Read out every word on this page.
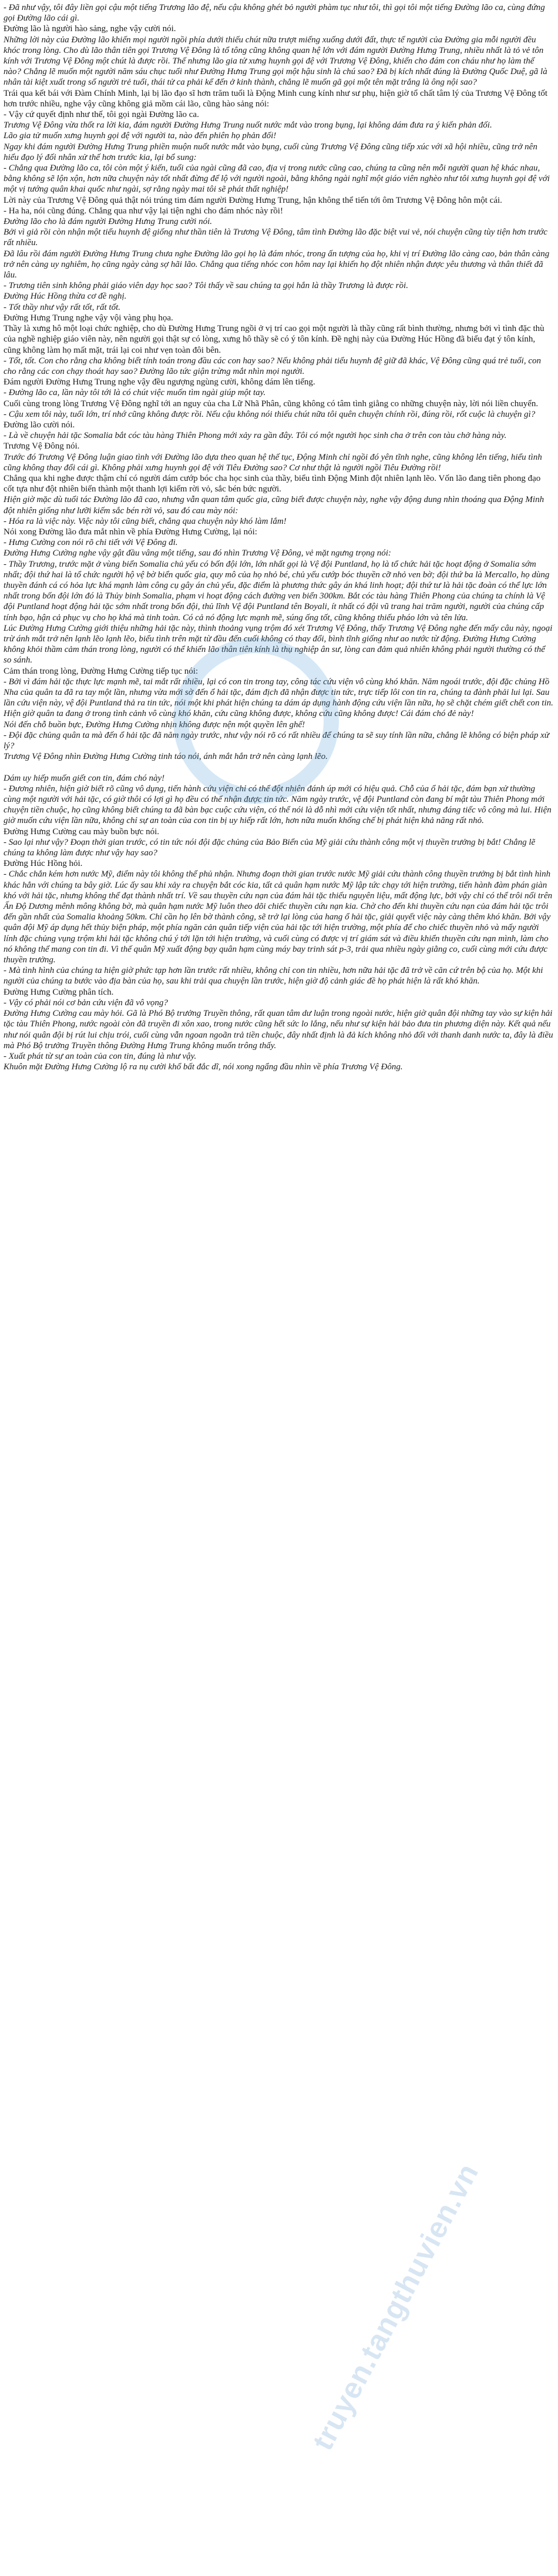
- Đã như vậy, tôi đây liền gọi cậu một tiếng Trương lão đệ, nếu cậu không ghét bỏ người phàm tục như tôi, thì gọi tôi một tiếng Đường lão ca, cùng đứng gọi Đường lão cái gì.

Đường lão là người hào sảng, nghe vậy cười nói.

Những lời này của Đường lão khiến mọi người ngồi phía dưới thiếu chút nữa trượt miếng xuống dưới đất, thực tế người của Đường gia mỗi người đều khóc trong lòng. Cho dù lão thân tiên gọi Trương Vệ Đông là tổ tông cũng không quan hệ lớn với đám người Đường Hưng Trung, nhiều nhất là tỏ vẻ tôn kính với Trương Vệ Đông một chút là được rồi. Thế nhưng lão gia tử xưng huynh gọi đệ với Trương Vệ Đông, khiến cho đám con cháu như họ làm thế nào? Chẳng lẽ muốn một người năm sáu chục tuổi như Đường Hưng Trung gọi một hậu sinh là chú sao? Đã bị kích nhất đúng là Đường Quốc Duệ, gã là nhân tài kiệt xuất trong số người trẻ tuổi, thái tử ca phải kể đến ở kinh thành, chẳng lẽ muốn gã gọi một tên mặt trắng là ông nội sao?

Trái qua kết bái với Đàm Chính Minh, lại bị lão đạo sĩ hơn trăm tuổi là Động Minh cung kính như sư phụ, hiện giờ tổ chất tâm lý của Trương Vệ Đông tốt hơn trước nhiều, nghe vậy cũng không giả mồm cái lão, cũng hào sảng nói:

- Vậy cứ quyết định như thế, tôi gọi ngài Đường lão ca.

Trương Vệ Đông vừa thốt ra lời kia, đám người Đường Hưng Trung nuốt nước mắt vào trong bụng, lại không dám đưa ra ý kiến phản đối.

Lão gia tử muốn xưng huynh gọi đệ với người ta, nào đến phiên họ phản đối!

Ngay khi đám người Đường Hưng Trung phiền muộn nuốt nước mắt vào bụng, cuối cùng Trương Vệ Đông cũng tiếp xúc với xã hội nhiều, cũng trở nên hiểu đạo lý đối nhân xử thế hơn trước kia, lại bổ sung:

- Chẳng qua Đường lão ca, tôi còn một ý kiến, tuổi của ngài cũng đã cao, địa vị trong nước cũng cao, chúng ta cũng nên mỗi người quan hệ khác nhau, bằng không sẽ lộn xộn, hơn nữa chuyện này tốt nhất đừng để lộ với người ngoài, bằng không ngài nghĩ một giáo viên nghèo như tôi xưng huynh gọi đệ với một vị tướng quân khai quốc như ngài, sợ rằng ngày mai tôi sẽ phát thất nghiệp!

Lời này của Trương Vệ Đông quả thật nói trúng tim đám người Đường Hưng Trung, hận không thể tiến tới ôm Trương Vệ Đông hôn một cái.

- Ha ha, nói cũng đúng. Chẳng qua như vậy lại tiện nghi cho đám nhóc này rồi!

Đường lão cho là đám người Đường Hưng Trung cười nói.

Bởi vì giả rồi còn nhận một tiểu huynh đệ giống như thần tiên là Trương Vệ Đông, tâm tình Đường lão đặc biệt vui vẻ, nói chuyện cũng tùy tiện hơn trước rất nhiều.

Đã lâu rồi đám người Đường Hưng Trung chưa nghe Đường lão gọi họ là đám nhóc, trong ấn tượng của họ, khi vị trí Đường lão càng cao, bản thân càng trở nên càng uy nghiêm, họ cũng ngày càng sợ hãi lão. Chẳng qua tiếng nhóc con hôm nay lại khiến họ đột nhiên nhận được yêu thương và thân thiết đã lâu.

- Trương tiên sinh không phải giáo viên dạy học sao? Tôi thấy về sau chúng ta gọi hắn là thầy Trương là được rồi.

Đường Húc Hồng thừa cơ đề nghị.

- Tốt thầy như vậy rất tốt, rất tốt.

Đường Hưng Trung nghe vậy vội vàng phụ họa.

Thầy là xưng hô một loại chức nghiệp, cho dù Đường Hưng Trung ngồi ở vị trí cao gọi một người là thầy cũng rất bình thường, nhưng bởi vì tình đặc thù của nghề nghiệp giáo viên này, nên người gọi thật sự có lòng, xưng hô thầy sẽ có ý tôn kính. Đề nghị này của Đường Húc Hồng đã biểu đạt ý tôn kính, cũng không làm họ mất mặt, trái lại coi như vẹn toàn đôi bên.

- Tốt, tốt. Con cho rằng cha không biết tính toán trong đầu các con hay sao? Nếu không phải tiểu huynh đệ giữ đã khác, Vệ Đông cũng quá trẻ tuổi, con cho rằng các con chạy thoát hay sao? Đường lão tức giận trừng mắt nhìn mọi người.

Đám người Đường Hưng Trung nghe vậy đều ngượng ngùng cười, không dám lên tiếng.

- Đường lão ca, lần này tôi tới là có chút việc muốn tìm ngài giúp một tay.

Cuối cùng trong lòng Trương Vệ Đông nghĩ tới an nguy của cha Lữ Nhã Phân, cũng không có tâm tình giằng co những chuyện này, lời nói liền chuyển.

- Cậu xem tôi này, tuổi lớn, trí nhớ cũng không được rồi. Nếu cậu không nói thiếu chút nữa tôi quên chuyện chính rồi, đúng rồi, rốt cuộc là chuyện gì?

Đường lão cười nói.

- Là về chuyện hải tặc Somalia bắt cóc tàu hàng Thiên Phong mới xảy ra gần đây. Tôi có một người học sinh cha ở trên con tàu chở hàng này.

Trương Vệ Đông nói.

Trước đó Trương Vệ Đông luận giao tình với Đường lão dựa theo quan hệ thế tục, Động Minh chỉ ngồi đó yên tĩnh nghe, cũng không lên tiếng, hiểu tình cũng không thay đổi cái gì. Không phải xưng huynh gọi đệ với Tiêu Đường sao? Cơ như thật là người ngồi Tiêu Đường rồi!

Chẳng qua khi nghe được thậm chí có người dám cướp bóc cha học sinh của thầy, biểu tình Động Minh đột nhiên lạnh lẽo. Vốn lão đang tiên phong đạo cốt tựa như đột nhiên biến thành một thanh lợi kiếm rời vỏ, sắc bén bức người.

Hiện giờ mặc dù tuổi tác Đường lão đã cao, nhưng vẫn quan tâm quốc gia, cũng biết được chuyện này, nghe vậy động dung nhìn thoáng qua Động Minh đột nhiên giống như lưỡi kiếm sắc bén rời vỏ, sau đó cau mày nói:

- Hóa ra là việc này. Việc này tôi cũng biết, chẳng qua chuyện này khó làm lắm!

Nói xong Đường lão đưa mắt nhìn về phía Đường Hưng Cường, lại nói:

- Hưng Cường con nói rõ chi tiết với Vệ Đông đi.

Đường Hưng Cường nghe vậy gật đầu vâng một tiếng, sau đó nhìn Trương Vệ Đông, vẻ mặt ngưng trọng nói:

- Thầy Trương, trước mặt ở vùng biển Somalia chủ yếu có bốn đội lớn, lớn nhất gọi là Vệ đội Puntland, họ là tổ chức hải tặc hoạt động ở Somalia sớm nhất; đội thứ hai là tổ chức người hộ vệ bờ biển quốc gia, quy mô của họ nhỏ bé, chủ yếu cướp bóc thuyền cỡ nhỏ ven bờ; đội thứ ba là Mercallo, họ dùng thuyền đánh cá có hỏa lực khá mạnh làm công cụ gây án chủ yếu, đặc điểm là phương thức gây án khá linh hoạt; đội thứ tư là hải tặc đoàn có thể lực lớn nhất trong bốn đội lớn đó là Thủy binh Somalia, phạm vi hoạt động cách đường ven biển 300km. Bắt cóc tàu hàng Thiên Phong của chúng ta chính là Vệ đội Puntland hoạt động hải tặc sớm nhất trong bốn đội, thủ lĩnh Vệ đội Puntland tên Boyali, ít nhất có đội vũ trang hai trăm người, người của chúng cấp tính bạo, hận cả phục vụ cho họ khá mà tinh toàn. Có cả nó động lực mạnh mẽ, súng ống tốt, cũng không thiếu pháo lớn và tên lửa.

Lúc Đường Hưng Cường giới thiệu những hải tặc này, thình thoảng vụng trộm đó xét Trương Vệ Đông, thấy Trương Vệ Đông nghe đến mấy câu này, ngoại trừ ánh mắt trở nên lạnh lẽo lạnh lẽo, biểu tình trên mặt từ đầu đến cuối không có thay đổi, bình tĩnh giống như ao nước từ động. Đường Hưng Cường không khỏi thầm cảm thán trong lòng, người có thể khiến lão thân tiên kính là thụ nghiệp ân sư, lòng can đảm quả nhiên không phải người thường có thể so sánh.

Cảm thán trong lòng, Đường Hưng Cường tiếp tục nói:

- Bởi vì đám hải tặc thực lực mạnh mẽ, tai mắt rất nhiều, lại có con tin trong tay, công tác cứu viện vô cùng khó khăn. Năm ngoái trước, đội đặc chủng Hồ Nha của quân ta đã ra tay một lần, nhưng vừa mới sờ đến ổ hải tặc, đám địch đã nhận được tin tức, trực tiếp lôi con tin ra, chúng ta đành phải lui lại. Sau lần cứu viện này, vệ đội Puntland thả ra tin tức, nói một khi phát hiện chúng ta dám áp dụng hành động cứu viện lần nữa, họ sẽ chặt chém giết chết con tin. Hiện giờ quân ta đang ở trong tình cảnh vô cùng khó khăn, cứu cũng không được, không cứu cũng không được! Cái đám chó đẻ này!

Nói đến chỗ buồn bực, Đường Hưng Cường nhịn không được nện một quyền lên ghế!

- Đội đặc chủng quân ta mà đến ổ hải tặc đã năm ngày trước, như vậy nói rõ có rất nhiều để chúng ta sẽ suy tính lần nữa, chẳng lẽ không có biện pháp xử lý?

Trương Vệ Đông nhìn Đường Hưng Cường tinh táo nói, ánh mắt hắn trở nên càng lạnh lẽo.

Dám uy hiếp muốn giết con tin, đám chó này!

- Đương nhiên, hiện giờ biết rõ cũng vô dụng, tiến hành cứu viện chỉ có thể đột nhiên đánh úp mới có hiệu quả. Chỗ của ổ hải tặc, đám bạn xử thường cùng một người với hải tặc, có giờ thôi có lợi gì họ đều có thể nhận được tin tức. Năm ngày trước, vệ đội Puntland còn đang bí mật tàu Thiên Phong mới chuyện tiền chuộc, họ cũng không biết chúng ta đã bàn bạc cuộc cứu viện, có thể nói là dỗ nhì mới cứu viện tốt nhất, nhưng đáng tiếc vô công mà lui. Hiện giờ muốn cứu viện lần nữa, không chỉ sự an toàn của con tin bị uy hiếp rất lớn, hơn nữa muốn khống chế bị phát hiện khả năng rất nhỏ.

Đường Hưng Cường cau mày buồn bực nói.

- Sao lại như vậy? Đoạn thời gian trước, có tin tức nói đội đặc chủng của Bảo Biển của Mỹ giải cứu thành công một vị thuyền trưởng bị bắt! Chẳng lẽ chúng ta không làm được như vậy hay sao?

Đường Húc Hồng hỏi.

- Chắc chắn kém hơn nước Mỹ, điểm này tôi không thể phủ nhận. Nhưng đoạn thời gian trước nước Mỹ giải cứu thành công thuyền trưởng bị bắt tình hình khác hẳn với chúng ta bây giờ. Lúc ấy sau khi xảy ra chuyện bắt cóc kia, tất cả quân hạm nước Mỹ lập tức chạy tới hiện trường, tiến hành đàm phán giàn khó với hải tặc, nhưng không thể đạt thành nhất trí. Về sau thuyền cứu nạn của đám hải tặc thiếu nguyên liệu, mất động lực, bởi vậy chỉ có thể trôi nổi trên Ấn Độ Dương mênh mông không bờ, mà quân hạm nước Mỹ luôn theo dõi chiếc thuyền cứu nạn kia. Chờ cho đến khi thuyền cứu nạn của đám hải tặc trôi đến gần nhất của Somalia khoảng 50km. Chỉ cần họ lên bờ thành công, sẽ trở lại lòng của hang ổ hải tặc, giải quyết việc này càng thêm khó khăn. Bởi vậy quân đội Mỹ áp dụng hết thủy biện pháp, một phía ngăn cản quân tiếp viện của hải tặc tới hiện trường, một phía để cho chiếc thuyền nhỏ và mấy người lính đặc chủng vụng trộm khi hải tặc không chú ý tới lặn tới hiện trường, và cuối cùng có được vị trí giám sát và điều khiển thuyền cứu nạn mình, làm cho nó không thể mang con tin đi. Vì thế quân Mỹ xuất động bạy quân hạm cùng máy bay trinh sát p-3, trải qua nhiều ngày giằng co, cuối cùng mới cứu được thuyền trưởng.

- Mà tình hình của chúng ta hiện giờ phức tạp hơn lần trước rất nhiều, không chỉ con tin nhiều, hơn nữa hải tặc đã trở về căn cứ trên bộ của họ. Một khi người của chúng ta bước vào địa bàn của họ, sau khi trải qua chuyện lần trước, hiện giờ độ cảnh giác đề họ phát hiện là rất khó khăn.

Đường Hưng Cường phân tích.

- Vậy có phải nói cơ bản cứu viện đã vô vọng?

Đường Hưng Cường cau mày hỏi. Gã là Phó Bộ trưởng Truyền thông, rất quan tâm dư luận trong ngoài nước, hiện giờ quân đội những tay vào sự kiện hải tặc tàu Thiên Phong, nước ngoài còn đã truyền đi xôn xao, trong nước cũng hết sức lo lắng, nếu như sự kiện hải bảo đưa tin phương diện này. Kết quả nếu như nói quân đội bị rút lui chịu trói, cuối cùng vẫn ngoan ngoãn trả tiền chuộc, đây nhất định là đả kích không nhỏ đối với thanh danh nước ta, đây là điều mà Phó Bộ trưởng Truyền thông Đường Hưng Trung không muốn trông thấy.

- Xuất phát từ sự an toàn của con tin, đúng là như vậy.

Khuôn mặt Đường Hưng Cường lộ ra nụ cười khổ bất đắc dĩ, nói xong ngẩng đầu nhìn về phía Trương Vệ Đông.

truyen.tangthuvien.vn
